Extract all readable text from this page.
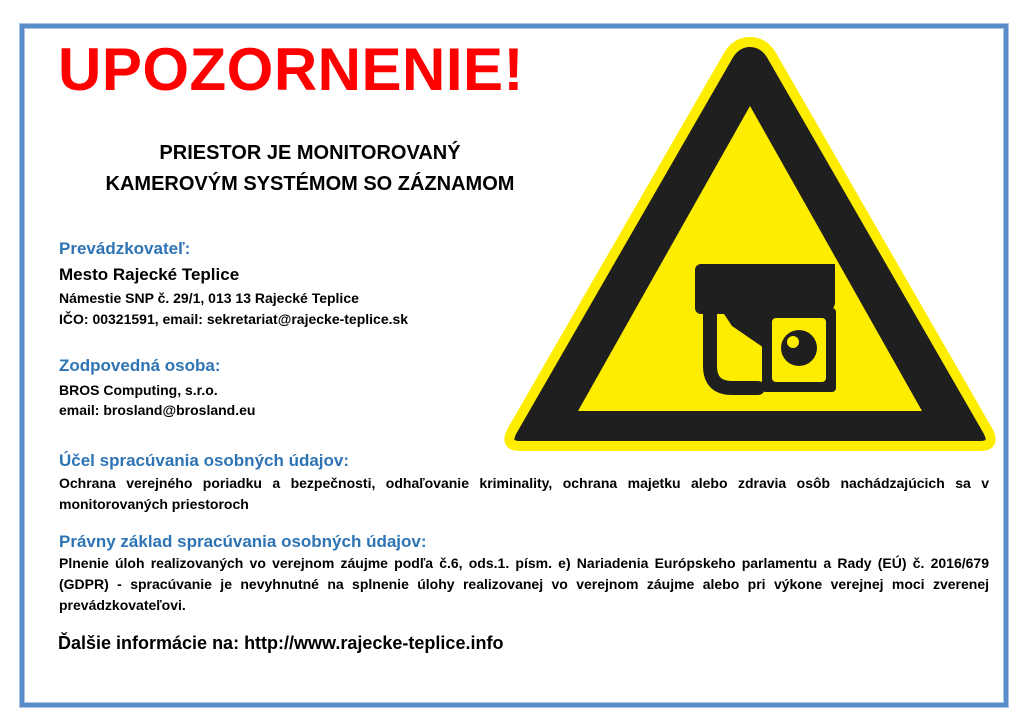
UPOZORNENIE!
PRIESTOR JE MONITOROVANÝ
KAMEROVÝM SYSTÉMOM SO ZÁZNAMOM
Prevádzkovateľ:
Mesto Rajecké Teplice
Námestie SNP č. 29/1, 013 13 Rajecké Teplice
IČO: 00321591, email: sekretariat@rajecke-teplice.sk
Zodpovedná osoba:
BROS Computing, s.r.o.
email: brosland@brosland.eu
Účel spracúvania osobných údajov:
Ochrana verejného poriadku a bezpečnosti, odhaľovanie kriminality, ochrana majetku alebo zdravia osôb nachádzajúcich sa v monitorovaných priestoroch
Právny základ spracúvania osobných údajov:
Plnenie úloh realizovaných vo verejnom záujme podľa č.6, ods.1. písm. e) Nariadenia Európskeho parlamentu a Rady (EÚ) č. 2016/679 (GDPR) - spracúvanie je nevyhnutné na splnenie úlohy realizovanej vo verejnom záujme alebo pri výkone verejnej moci zverenej prevádzkovateľovi.
Ďalšie informácie na: http://www.rajecke-teplice.info
